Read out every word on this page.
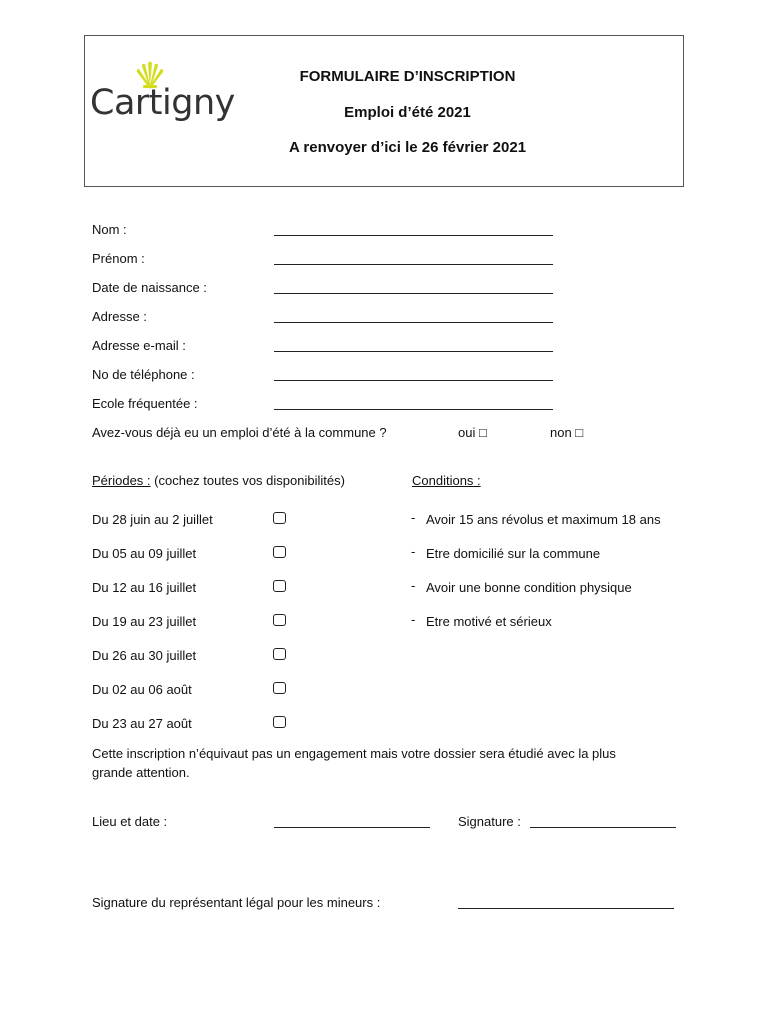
Cartigny
FORMULAIRE D’INSCRIPTION
Emploi d’été 2021
A renvoyer d’ici le 26 février 2021
Nom :
Prénom :
Date de naissance :
Adresse :
Adresse e-mail :
No de téléphone :
Ecole fréquentée :
Avez-vous déjà eu un emploi d’été à la commune ?	oui □	non □
Périodes : (cochez toutes vos disponibilités)	Conditions :
Du 28 juin au 2 juillet
Du 05 au 09 juillet
Du 12 au 16 juillet
Du 19 au 23 juillet
Du 26 au 30 juillet
Du 02 au 06 août
Du 23 au 27 août
- Avoir 15 ans révolus et maximum 18 ans
- Etre domicilié sur la commune
- Avoir une bonne condition physique
- Etre motivé et sérieux
Cette inscription n’équivaut pas un engagement mais votre dossier sera étudié avec la plus
grande attention.
Lieu et date :	Signature :
Signature du représentant légal pour les mineurs :
